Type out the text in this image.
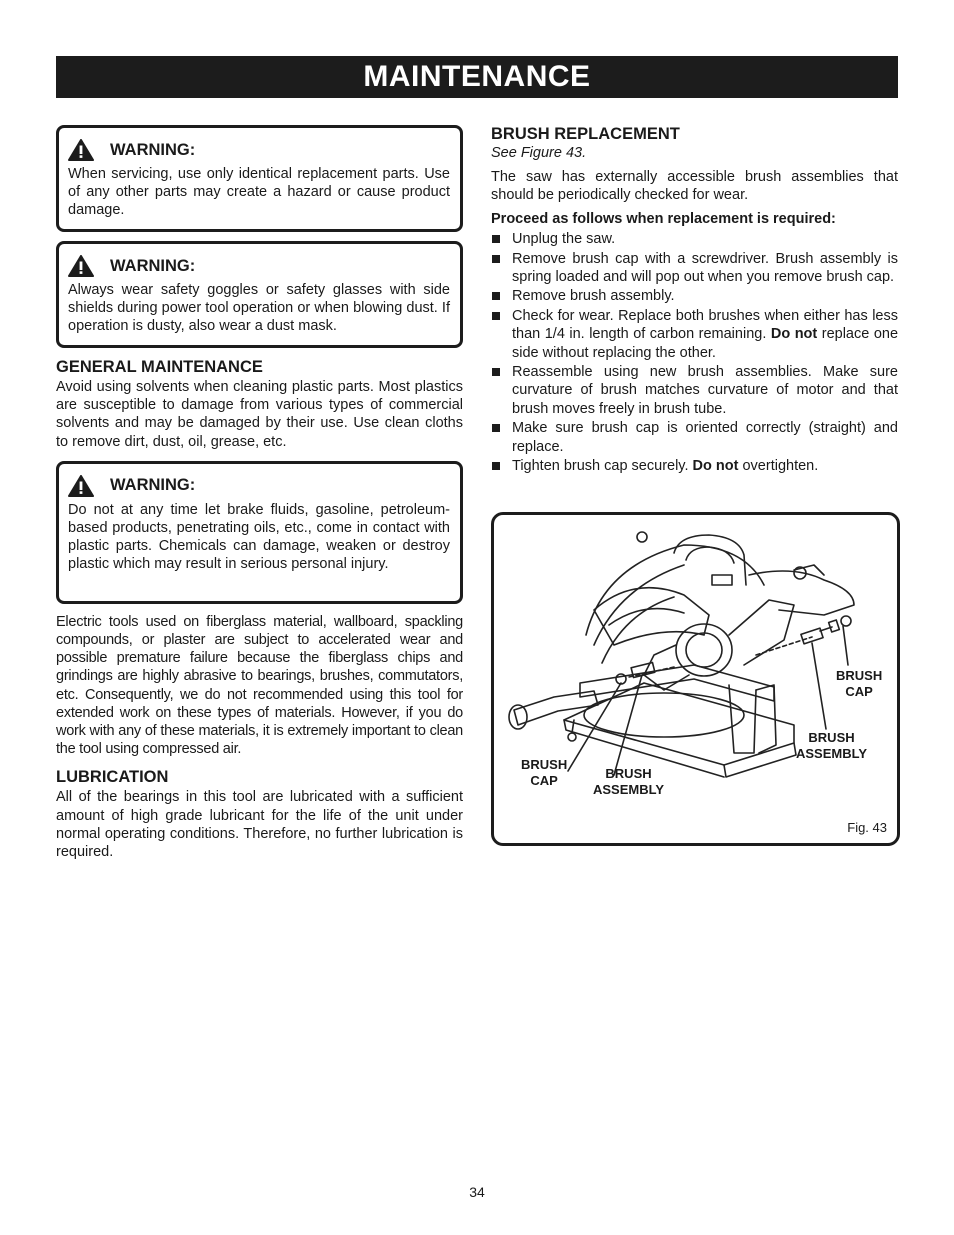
MAINTENANCE
WARNING:
When servicing, use only identical replacement parts. Use of any other parts may create a hazard or cause product damage.
WARNING:
Always wear safety goggles or safety glasses with side shields during power tool operation or when blowing dust. If operation is dusty, also wear a dust mask.
GENERAL MAINTENANCE
Avoid using solvents when cleaning plastic parts. Most plastics are susceptible to damage from various types of commercial solvents and may be damaged by their use. Use clean cloths to remove dirt, dust, oil, grease, etc.
WARNING:
Do not at any time let brake fluids, gasoline, petroleum-based products, penetrating oils, etc., come in contact with plastic parts. Chemicals can damage, weaken or destroy plastic which may result in serious personal injury.
Electric tools used on fiberglass material, wallboard, spackling compounds, or plaster are subject to accelerated wear and possible premature failure because the fiberglass chips and grindings are highly abrasive to bearings, brushes, commutators, etc. Consequently, we do not recommended using this tool for extended work on these types of materials. However, if you do work with any of these materials, it is extremely important to clean the tool using compressed air.
LUBRICATION
All of the bearings in this tool are lubricated with a sufficient amount of high grade lubricant for the life of the unit under normal operating conditions. Therefore, no further lubrication is required.
BRUSH REPLACEMENT
See Figure 43.
The saw has externally accessible brush assemblies that should be periodically checked for wear.
Proceed as follows when replacement is required:
Unplug the saw.
Remove brush cap with a screwdriver. Brush assembly is spring loaded and will pop out when you remove brush cap.
Remove brush assembly.
Check for wear. Replace both brushes when either has less than 1/4 in. length of carbon remaining. Do not replace one side without replacing the other.
Reassemble using new brush assemblies. Make sure curvature of brush matches curvature of motor and that brush moves freely in brush tube.
Make sure brush cap is oriented correctly (straight) and replace.
Tighten brush cap securely. Do not overtighten.
BRUSH
CAP
BRUSH
ASSEMBLY
BRUSH
CAP	BRUSH
ASSEMBLY
Fig. 43
34
